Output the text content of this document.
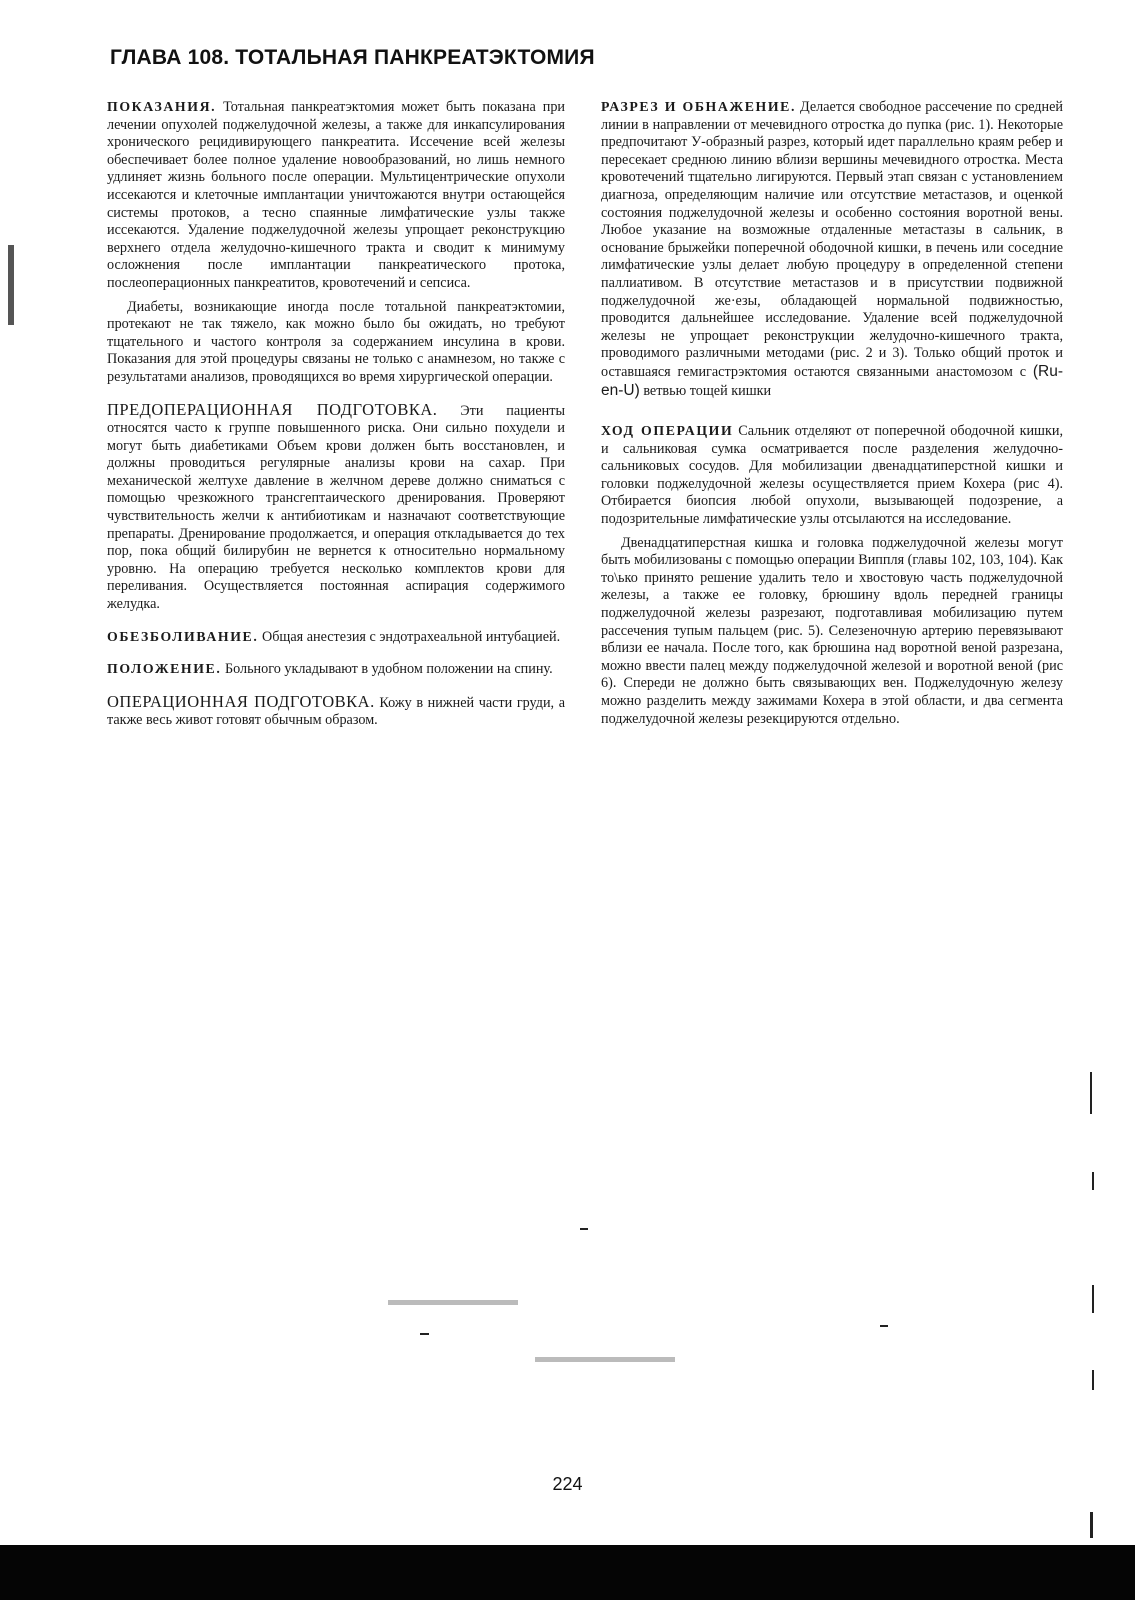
ГЛАВА 108. ТОТАЛЬНАЯ ПАНКРЕАТЭКТОМИЯ

ПОКАЗАНИЯ. Тотальная панкреатэктомия может быть показана при лечении опухолей поджелудочной железы, а также для инкапсулирования хронического рецидивирующего панкреатита. Иссечение всей железы обеспечивает более полное удаление новообразований, но лишь немного удлиняет жизнь больного после операции. Мультицентрические опухоли иссекаются и клеточные имплантации уничтожаются внутри остающейся системы протоков, а тесно спаянные лимфатические узлы также иссекаются. Удаление поджелудочной железы упрощает реконструкцию верхнего отдела желудочно-кишечного тракта и сводит к минимуму осложнения после имплантации панкреатического протока, послеоперационных панкреатитов, кровотечений и сепсиса.

Диабеты, возникающие иногда после тотальной панкреатэктомии, протекают не так тяжело, как можно было бы ожидать, но требуют тщательного и частого контроля за содержанием инсулина в крови. Показания для этой процедуры связаны не только с анамнезом, но также с результатами анализов, проводящихся во время хирургической операции.

ПРЕДОПЕРАЦИОННАЯ ПОДГОТОВКА. Эти пациенты относятся часто к группе повышенного риска. Они сильно похудели и могут быть диабетиками Объем крови должен быть восстановлен, и должны проводиться регулярные анализы крови на сахар. При механической желтухе давление в желчном дереве должно сниматься с помощью чрезкожного трансгептаического дренирования. Проверяют чувствительность желчи к антибиотикам и назначают соответствующие препараты. Дренирование продолжается, и операция откладывается до тех пор, пока общий билирубин не вернется к относительно нормальному уровню. На операцию требуется несколько комплектов крови для переливания. Осуществляется постоянная аспирация содержимого желудка.

ОБЕЗБОЛИВАНИЕ. Общая анестезия с эндотрахеальной интубацией.

ПОЛОЖЕНИЕ. Больного укладывают в удобном положении на спину.

ОПЕРАЦИОННАЯ ПОДГОТОВКА. Кожу в нижней части груди, а также весь живот готовят обычным образом.

РАЗРЕЗ И ОБНАЖЕНИЕ. Делается свободное рассечение по средней линии в направлении от мечевидного отростка до пупка (рис. 1). Некоторые предпочитают У-образный разрез, который идет параллельно краям ребер и пересекает среднюю линию вблизи вершины мечевидного отростка. Места кровотечений тщательно лигируются. Первый этап связан с установлением диагноза, определяющим наличие или отсутствие метастазов, и оценкой состояния поджелудочной железы и особенно состояния воротной вены. Любое указание на возможные отдаленные метастазы в сальник, в основание брыжейки поперечной ободочной кишки, в печень или соседние лимфатические узлы делает любую процедуру в определенной степени паллиативом. В отсутствие метастазов и в присутствии подвижной поджелудочной же·езы, обладающей нормальной подвижностью, проводится дальнейшее исследование. Удаление всей поджелудочной железы не упрощает реконструкции желудочно-кишечного тракта, проводимого различными методами (рис. 2 и 3). Только общий проток и оставшаяся гемигастрэктомия остаются связанными анастомозом с (Ru-en-U) ветвью тощей кишки

ХОД ОПЕРАЦИИ Сальник отделяют от поперечной ободочной кишки, и сальниковая сумка осматривается после разделения желудочно-сальниковых сосудов. Для мобилизации двенадцатиперстной кишки и головки поджелудочной железы осуществляется прием Кохера (рис 4). Отбирается биопсия любой опухоли, вызывающей подозрение, а подозрительные лимфатические узлы отсылаются на исследование.

Двенадцатиперстная кишка и головка поджелудочной железы могут быть мобилизованы с помощью операции Виппля (главы 102, 103, 104). Как то\ько принято решение удалить тело и хвостовую часть поджелудочной железы, а также ее головку, брюшину вдоль передней границы поджелудочной железы разрезают, подготавливая мобилизацию путем рассечения тупым пальцем (рис. 5). Селезеночную артерию перевязывают вблизи ее начала. После того, как брюшина над воротной веной разрезана, можно ввести палец между поджелудочной железой и воротной веной (рис 6). Спереди не должно быть связывающих вен. Поджелудочную железу можно разделить между зажимами Кохера в этой области, и два сегмента поджелудочной железы резекцируются отдельно.

224
